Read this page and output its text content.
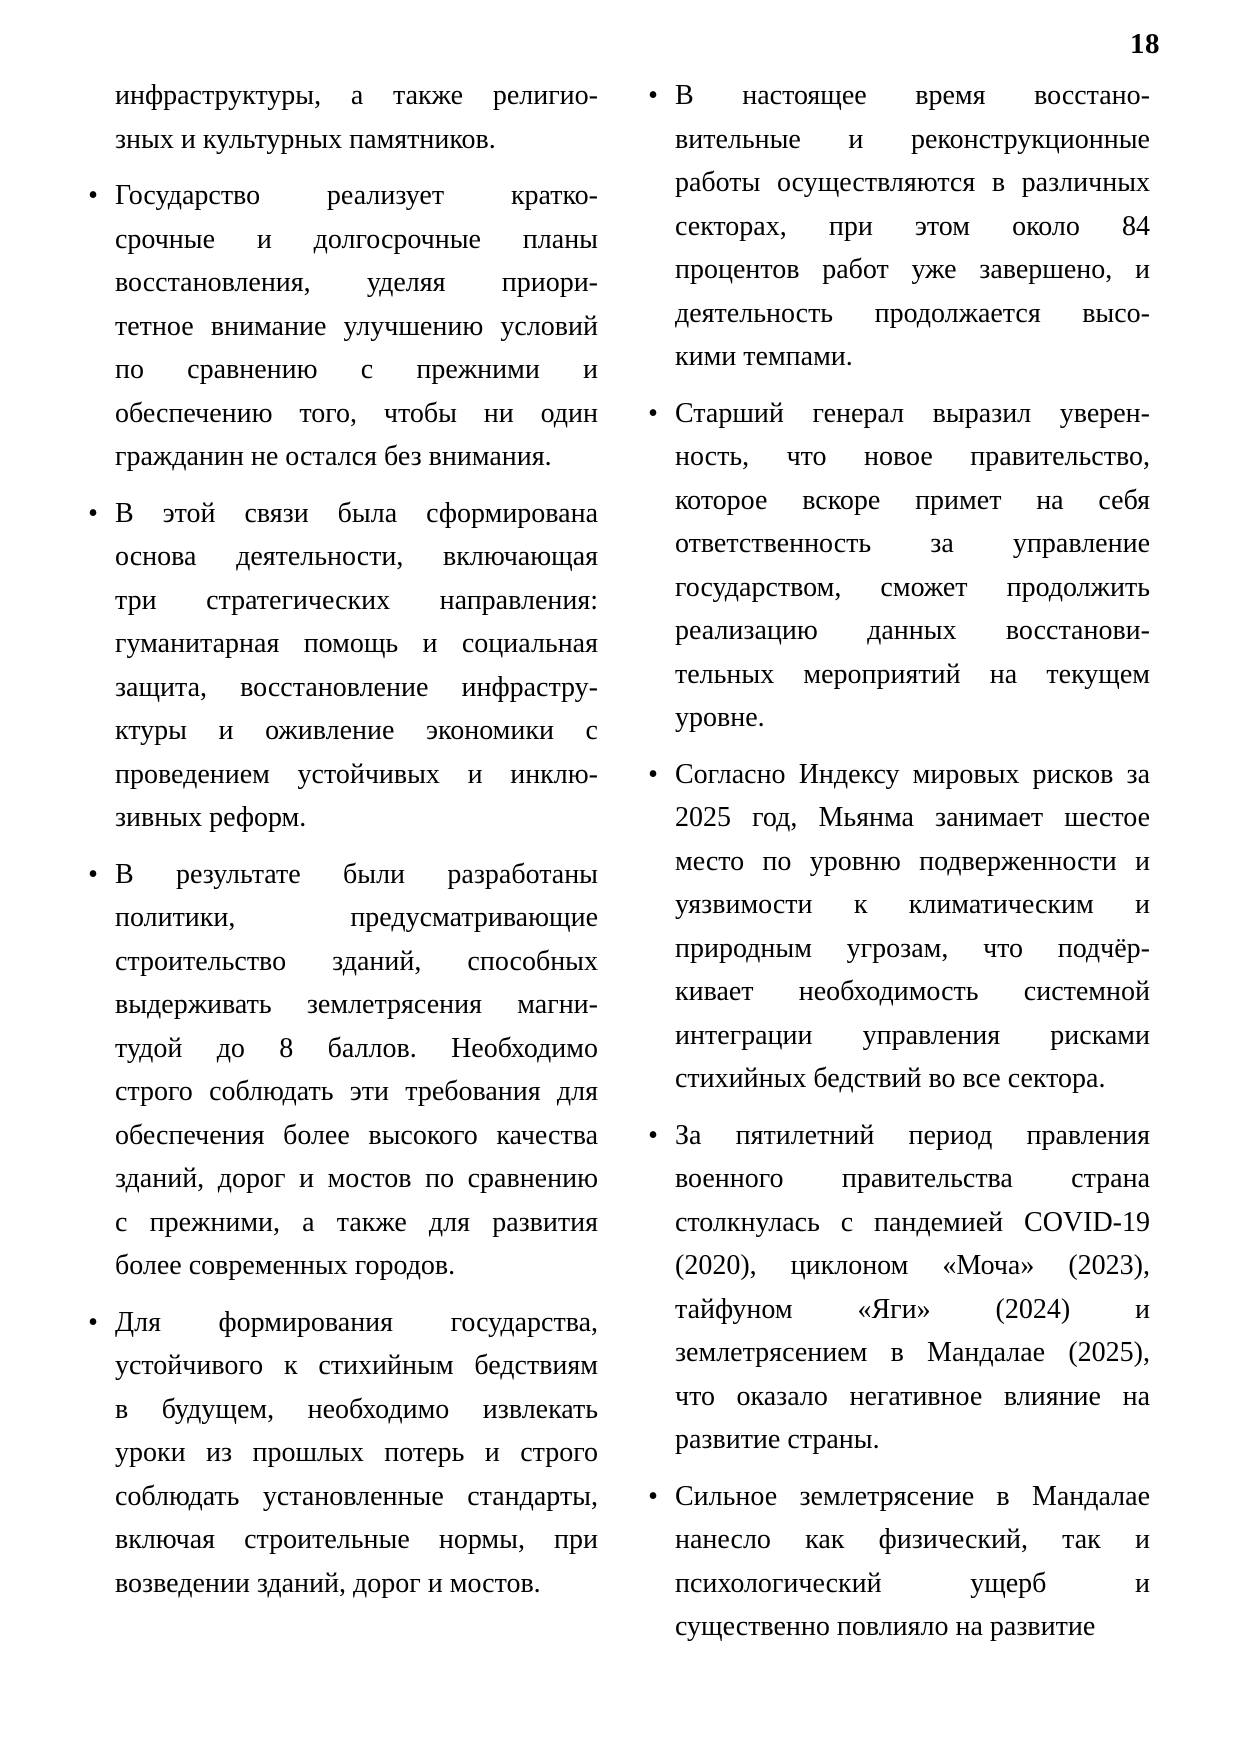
18
инфраструктуры, а также религио-
зных и культурных памятников.
• Государство реализует кратко-
срочные и долгосрочные планы
восстановления, уделяя приори-
тетное внимание улучшению условий
по сравнению с прежними и
обеспечению того, чтобы ни один
гражданин не остался без внимания.
• В этой связи была сформирована
основа деятельности, включающая
три стратегических направления:
гуманитарная помощь и социальная
защита, восстановление инфрастру-
ктуры и оживление экономики с
проведением устойчивых и инклю-
зивных реформ.
• В результате были разработаны
политики, предусматривающие
строительство зданий, способных
выдерживать землетрясения магни-
тудой до 8 баллов. Необходимо
строго соблюдать эти требования для
обеспечения более высокого качества
зданий, дорог и мостов по сравнению
с прежними, а также для развития
более современных городов.
• Для формирования государства,
устойчивого к стихийным бедствиям
в будущем, необходимо извлекать
уроки из прошлых потерь и строго
соблюдать установленные стандарты,
включая строительные нормы, при
возведении зданий, дорог и мостов.
• В настоящее время восстано-
вительные и реконструкционные
работы осуществляются в различных
секторах, при этом около 84
процентов работ уже завершено, и
деятельность продолжается высо-
кими темпами.
• Старший генерал выразил уверен-
ность, что новое правительство,
которое вскоре примет на себя
ответственность за управление
государством, сможет продолжить
реализацию данных восстанови-
тельных мероприятий на текущем
уровне.
• Согласно Индексу мировых рисков за
2025 год, Мьянма занимает шестое
место по уровню подверженности и
уязвимости к климатическим и
природным угрозам, что подчёр-
кивает необходимость системной
интеграции управления рисками
стихийных бедствий во все сектора.
• За пятилетний период правления
военного правительства страна
столкнулась с пандемией COVID-19
(2020), циклоном «Моча» (2023),
тайфуном «Яги» (2024) и
землетрясением в Мандалае (2025),
что оказало негативное влияние на
развитие страны.
• Сильное землетрясение в Мандалае
нанесло как физический, так и
психологический ущерб и
существенно повлияло на развитие
